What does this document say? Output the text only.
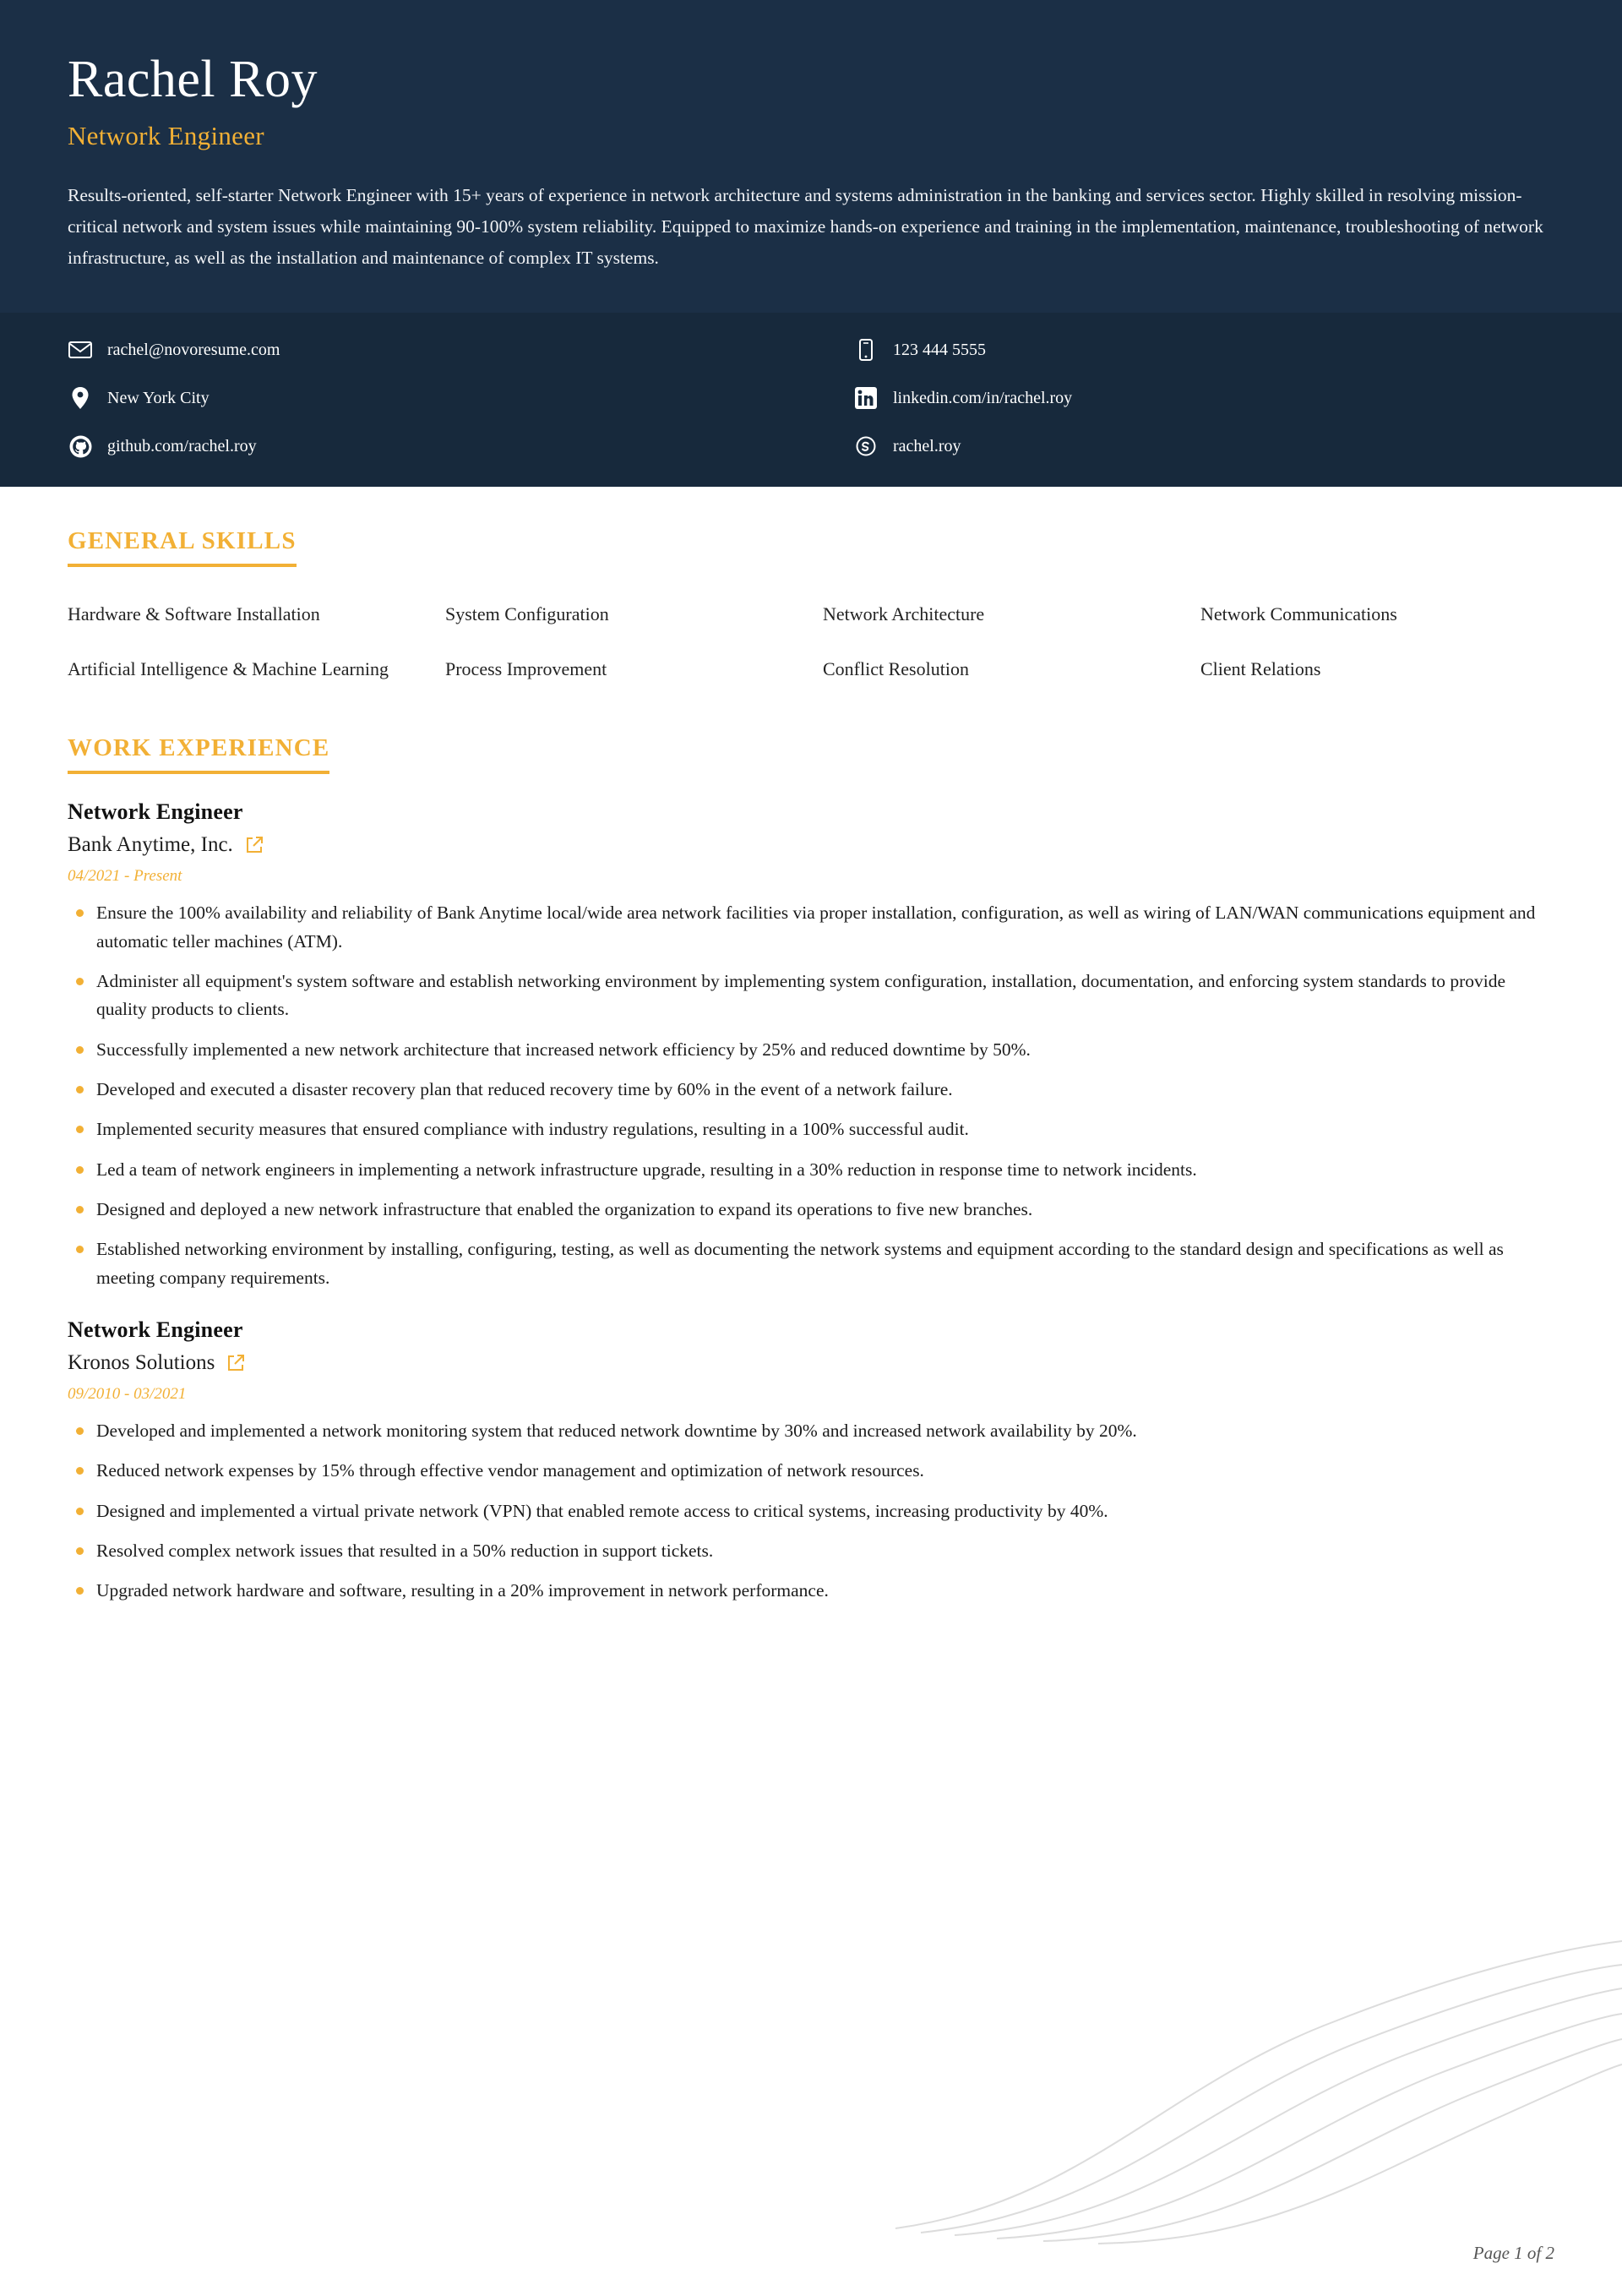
Rachel Roy
Network Engineer
Results-oriented, self-starter Network Engineer with 15+ years of experience in network architecture and systems administration in the banking and services sector. Highly skilled in resolving mission-critical network and system issues while maintaining 90-100% system reliability. Equipped to maximize hands-on experience and training in the implementation, maintenance, troubleshooting of network infrastructure, as well as the installation and maintenance of complex IT systems.
rachel@novoresume.com	123 444 5555
New York City	linkedin.com/in/rachel.roy
github.com/rachel.roy	rachel.roy
GENERAL SKILLS
Hardware & Software Installation	System Configuration	Network Architecture	Network Communications
Artificial Intelligence & Machine Learning	Process Improvement	Conflict Resolution	Client Relations
WORK EXPERIENCE
Network Engineer
Bank Anytime, Inc.
04/2021 - Present
Ensure the 100% availability and reliability of Bank Anytime local/wide area network facilities via proper installation, configuration, as well as wiring of LAN/WAN communications equipment and automatic teller machines (ATM).
Administer all equipment's system software and establish networking environment by implementing system configuration, installation, documentation, and enforcing system standards to provide quality products to clients.
Successfully implemented a new network architecture that increased network efficiency by 25% and reduced downtime by 50%.
Developed and executed a disaster recovery plan that reduced recovery time by 60% in the event of a network failure.
Implemented security measures that ensured compliance with industry regulations, resulting in a 100% successful audit.
Led a team of network engineers in implementing a network infrastructure upgrade, resulting in a 30% reduction in response time to network incidents.
Designed and deployed a new network infrastructure that enabled the organization to expand its operations to five new branches.
Established networking environment by installing, configuring, testing, as well as documenting the network systems and equipment according to the standard design and specifications as well as meeting company requirements.
Network Engineer
Kronos Solutions
09/2010 - 03/2021
Developed and implemented a network monitoring system that reduced network downtime by 30% and increased network availability by 20%.
Reduced network expenses by 15% through effective vendor management and optimization of network resources.
Designed and implemented a virtual private network (VPN) that enabled remote access to critical systems, increasing productivity by 40%.
Resolved complex network issues that resulted in a 50% reduction in support tickets.
Upgraded network hardware and software, resulting in a 20% improvement in network performance.
Page 1 of 2
